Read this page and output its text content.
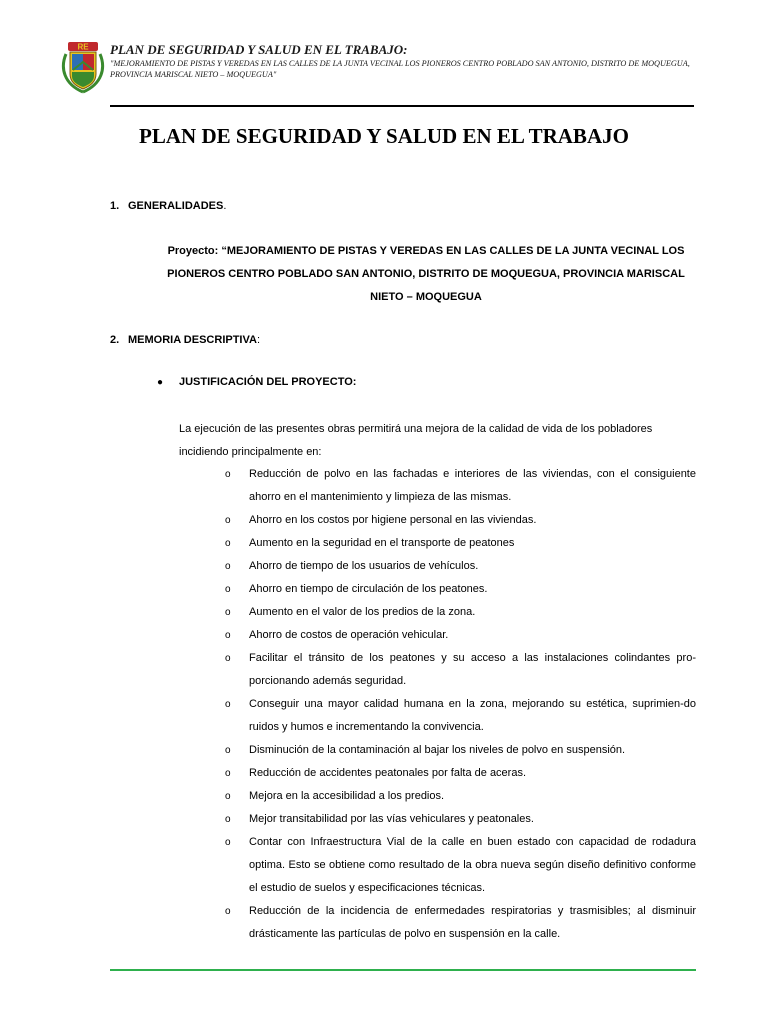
RE PLAN DE SEGURIDAD Y SALUD EN EL TRABAJO:
"MEJORAMIENTO DE PISTAS Y VEREDAS EN LAS CALLES DE LA JUNTA VECINAL LOS PIONEROS CENTRO POBLADO SAN ANTONIO, DISTRITO DE MOQUEGUA, PROVINCIA MARISCAL NIETO – MOQUEGUA"
PLAN DE SEGURIDAD Y SALUD EN EL TRABAJO
1. GENERALIDADES.
Proyecto: “MEJORAMIENTO DE PISTAS Y VEREDAS EN LAS CALLES DE LA JUNTA VECINAL LOS PIONEROS CENTRO POBLADO SAN ANTONIO, DISTRITO DE MOQUEGUA, PROVINCIA MARISCAL NIETO – MOQUEGUA
2. MEMORIA DESCRIPTIVA:
● JUSTIFICACIÓN DEL PROYECTO:
La ejecución de las presentes obras permitirá una mejora de la calidad de vida de los pobladores incidiendo principalmente en:
o Reducción de polvo en las fachadas e interiores de las viviendas, con el consiguiente ahorro en el mantenimiento y limpieza de las mismas.
o Ahorro en los costos por higiene personal en las viviendas.
o Aumento en la seguridad en el transporte de peatones
o Ahorro de tiempo de los usuarios de vehículos.
o Ahorro en tiempo de circulación de los peatones.
o Aumento en el valor de los predios de la zona.
o Ahorro de costos de operación vehicular.
o Facilitar el tránsito de los peatones y su acceso a las instalaciones colindantes pro-porcionando además seguridad.
o Conseguir una mayor calidad humana en la zona, mejorando su estética, suprimien-do ruidos y humos e incrementando la convivencia.
o Disminución de la contaminación al bajar los niveles de polvo en suspensión.
o Reducción de accidentes peatonales por falta de aceras.
o Mejora en la accesibilidad a los predios.
o Mejor transitabilidad por las vías vehiculares y peatonales.
o Contar con Infraestructura Vial de la calle en buen estado con capacidad de rodadura optima. Esto se obtiene como resultado de la obra nueva según diseño definitivo conforme el estudio de suelos y especificaciones técnicas.
o Reducción de la incidencia de enfermedades respiratorias y trasmisibles; al disminuir drásticamente las partículas de polvo en suspensión en la calle.
